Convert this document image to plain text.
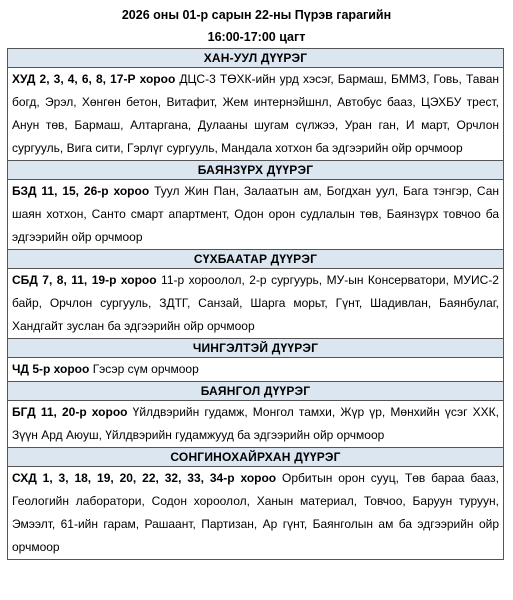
2026 оны 01-р сарын 22-ны Пүрэв гарагийн

16:00-17:00 цагт

ХАН-УУЛ ДҮҮРЭГ
ХУД 2, 3, 4, 6, 8, 17-Р хороо ДЦС-3 ТӨХК-ийн урд хэсэг, Бармаш, БММЗ, Говь, Таван богд, Эрэл, Хөнгөн бетон, Витафит, Жем интернэйшнл, Автобус бааз, ЦЭХБУ трест, Анун төв, Бармаш, Алтаргана, Дулааны шугам сүлжээ, Уран ган, И март, Орчлон сургууль, Вига сити, Гэрлүг сургууль, Мандала хотхон ба эдгээрийн ойр орчмоор
БАЯНЗҮРХ ДҮҮРЭГ
БЗД 11, 15, 26-р хороо Туул Жин Пан, Залаатын ам, Богдхан уул, Бага тэнгэр, Сан шаян хотхон, Санто смарт апартмент, Одон орон судлалын төв, Баянзүрх товчоо ба эдгээрийн ойр орчмоор
СҮХБААТАР ДҮҮРЭГ
СБД 7, 8, 11, 19-р хороо 11-р хороолол, 2-р сургуурь, МУ-ын Консерватори, МУИС-2 байр, Орчлон сургууль, ЗДТГ, Санзай, Шарга морьт, Гүнт, Шадивлан, Баянбулаг, Хандгайт зуслан ба эдгээрийн ойр орчмоор
ЧИНГЭЛТЭЙ ДҮҮРЭГ
ЧД 5-р хороо Гэсэр сүм орчмоор
БАЯНГОЛ ДҮҮРЭГ
БГД 11, 20-р хороо Үйлдвэрийн гудамж, Монгол тамхи, Жүр үр, Мөнхийн үсэг ХХК, Зүүн Ард Аюуш, Үйлдвэрийн гудамжууд ба эдгээрийн ойр орчмоор
СОНГИНОХАЙРХАН ДҮҮРЭГ
СХД 1, 3, 18, 19, 20, 22, 32, 33, 34-р хороо Орбитын орон сууц, Төв бараа бааз, Геологийн лаборатори, Содон хороолол, Ханын материал, Товчоо, Баруун туруун, Эмээлт, 61-ийн гарам, Рашаант, Партизан, Ар гүнт, Баянголын ам ба эдгээрийн ойр орчмоор
